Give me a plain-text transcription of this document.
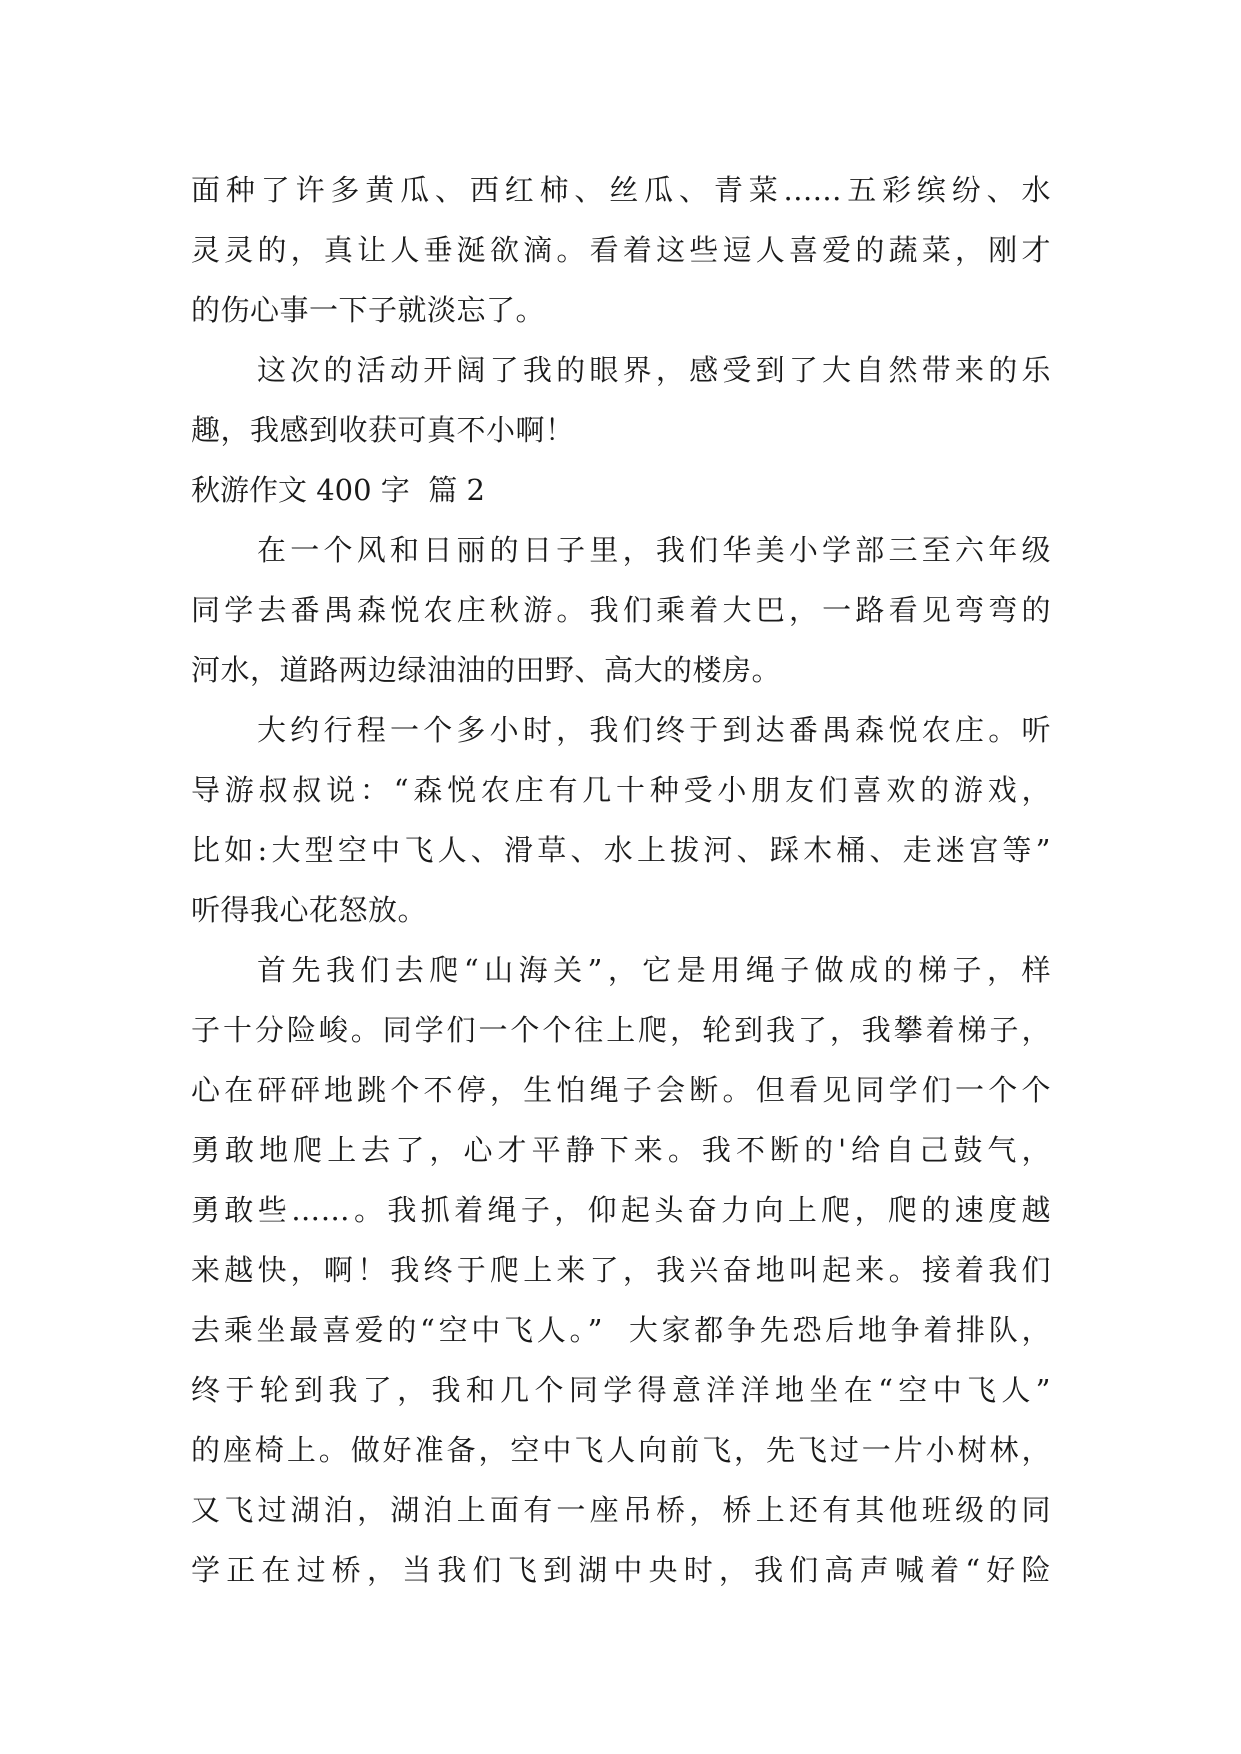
面种了许多黄瓜、西红柿、丝瓜、青菜......五彩缤纷、水
灵灵的，真让人垂涎欲滴。看着这些逗人喜爱的蔬菜，刚才
的伤心事一下子就淡忘了。
这次的活动开阔了我的眼界，感受到了大自然带来的乐
趣，我感到收获可真不小啊！
秋游作文 400 字  篇 2
在一个风和日丽的日子里，我们华美小学部三至六年级
同学去番禺森悦农庄秋游。我们乘着大巴，一路看见弯弯的
河水，道路两边绿油油的田野、高大的楼房。
大约行程一个多小时，我们终于到达番禺森悦农庄。听
导游叔叔说：“森悦农庄有几十种受小朋友们喜欢的游戏，
比如:大型空中飞人、滑草、水上拔河、踩木桶、走迷宫等”
听得我心花怒放。
首先我们去爬“山海关”，它是用绳子做成的梯子，样
子十分险峻。同学们一个个往上爬，轮到我了，我攀着梯子，
心在砰砰地跳个不停，生怕绳子会断。但看见同学们一个个
勇敢地爬上去了，心才平静下来。我不断的'给自己鼓气，
勇敢些……。我抓着绳子，仰起头奋力向上爬，爬的速度越
来越快，啊！我终于爬上来了，我兴奋地叫起来。接着我们
去乘坐最喜爱的“空中飞人。”  大家都争先恐后地争着排队，
终于轮到我了，我和几个同学得意洋洋地坐在“空中飞人”
的座椅上。做好准备，空中飞人向前飞，先飞过一片小树林，
又飞过湖泊，湖泊上面有一座吊桥，桥上还有其他班级的同
学正在过桥，当我们飞到湖中央时，我们高声喊着“好险
